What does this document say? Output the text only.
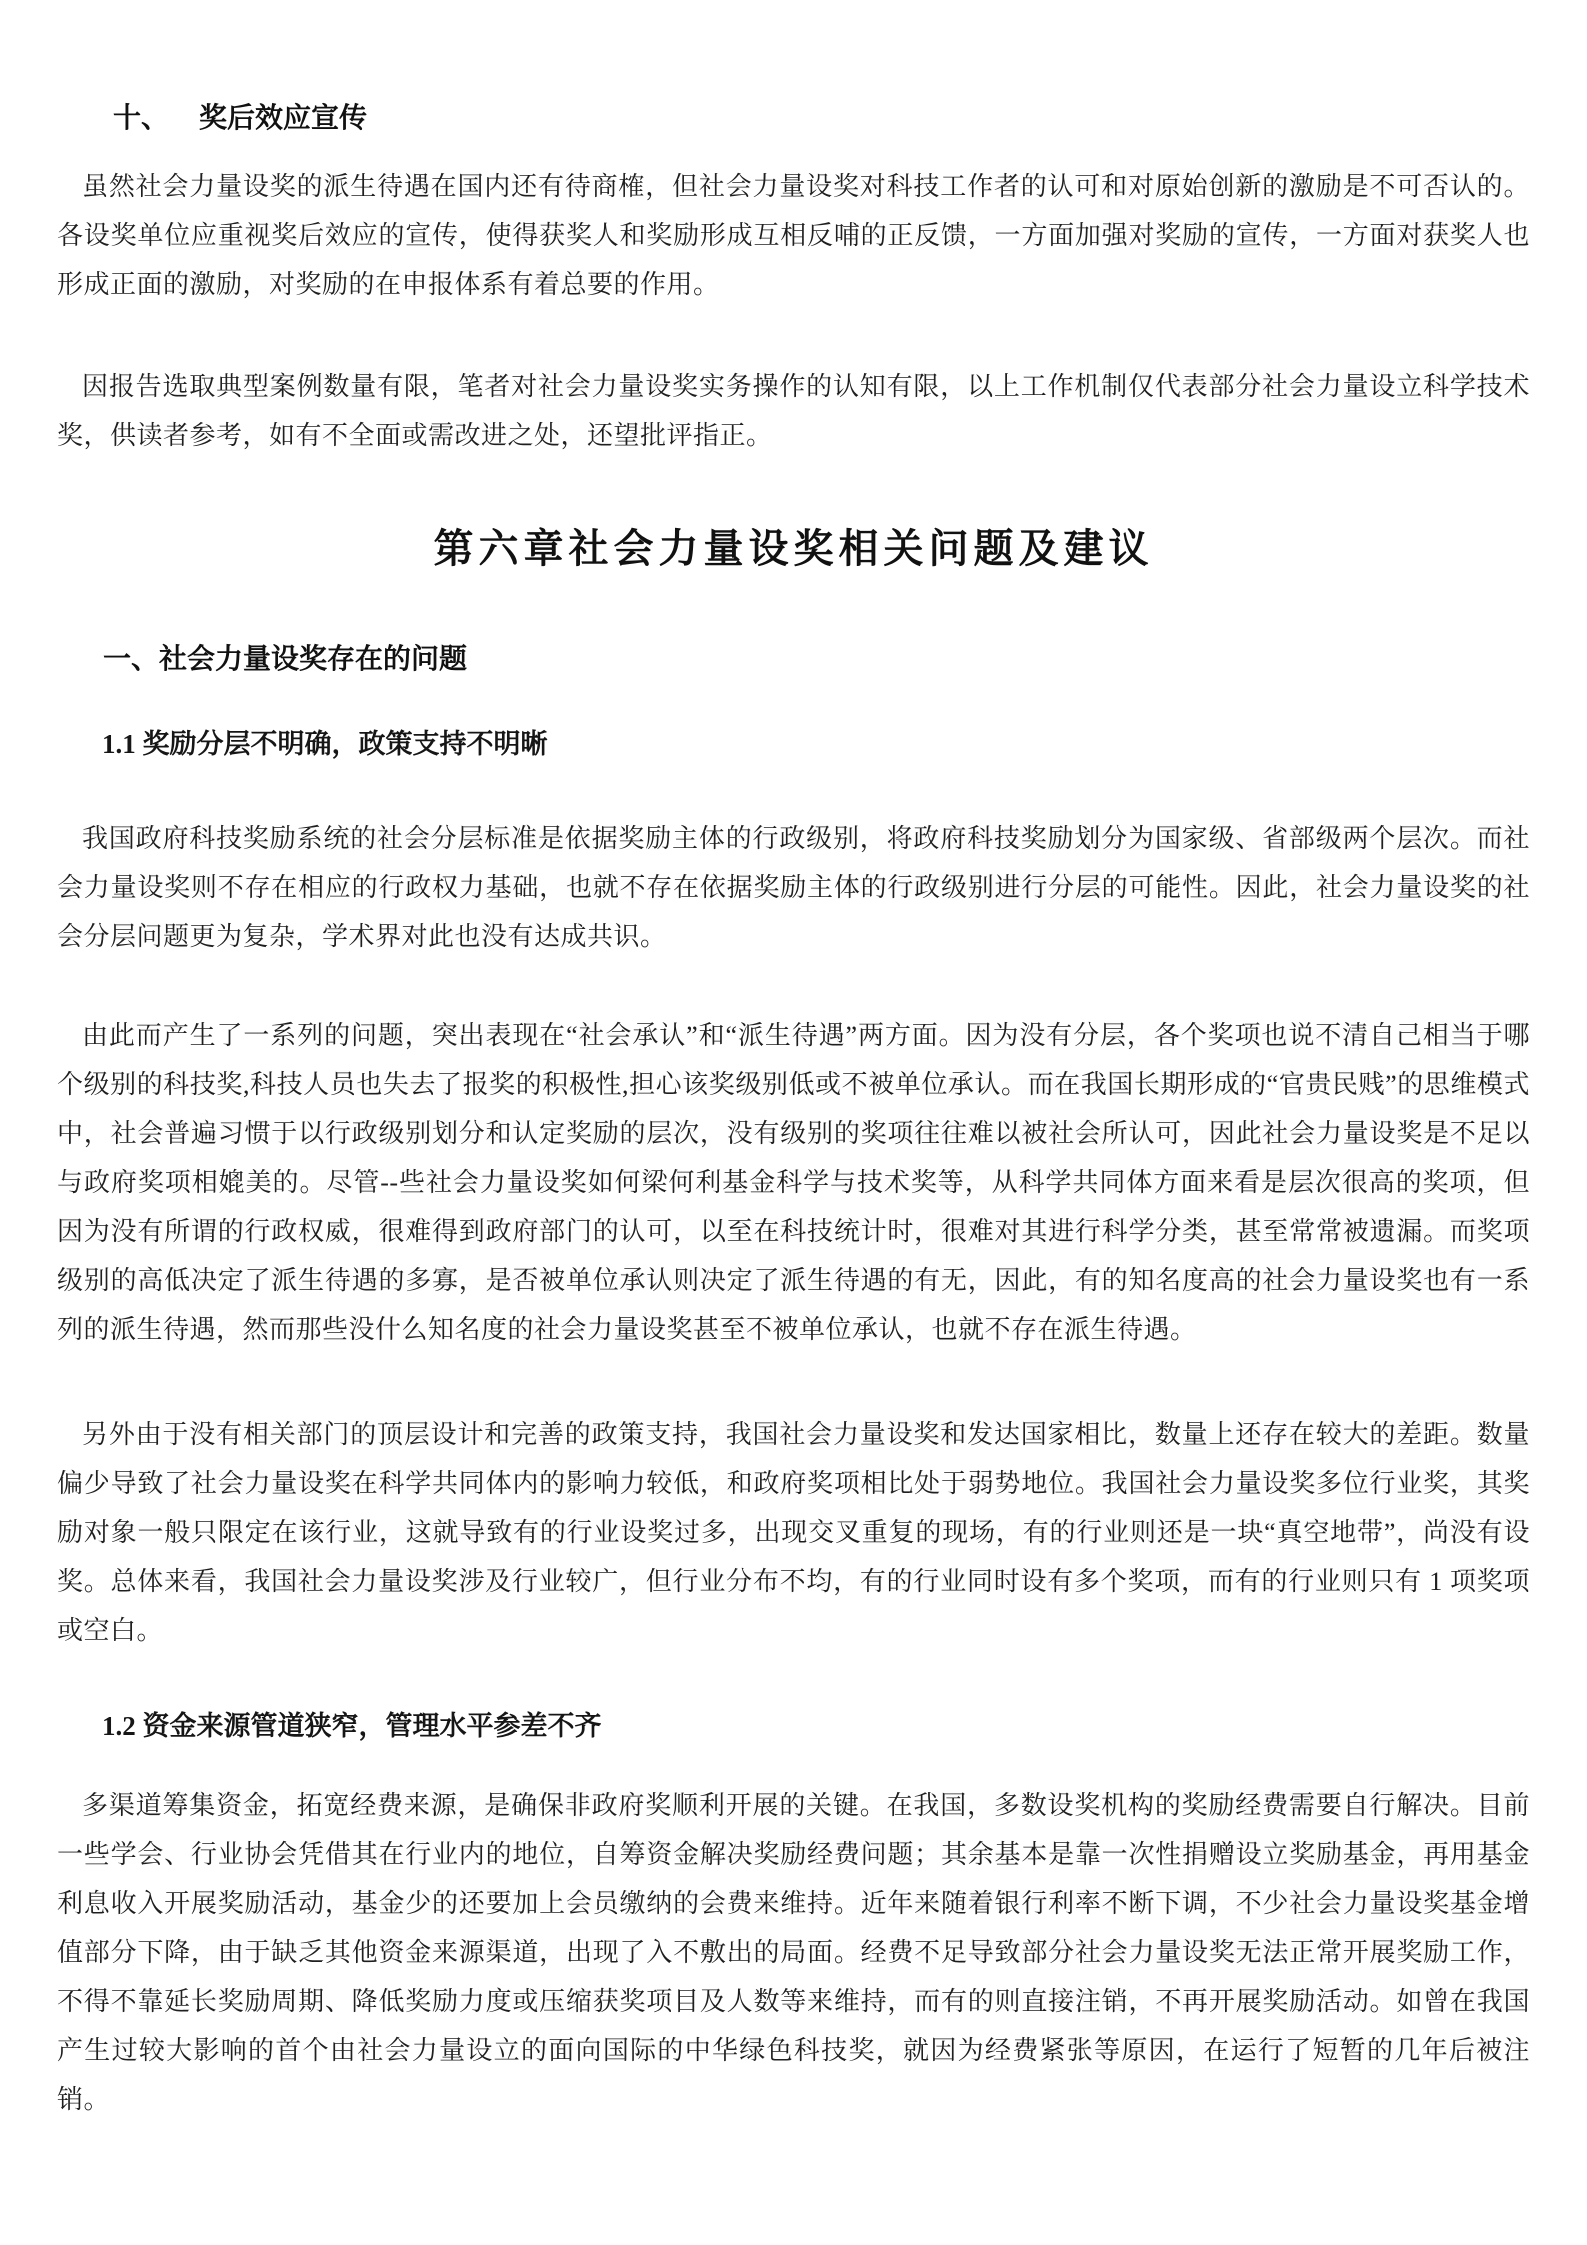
十、 奖后效应宣传

虽然社会力量设奖的派生待遇在国内还有待商榷，但社会力量设奖对科技工作者的认可和对原始创新的激励是不可否认的。各设奖单位应重视奖后效应的宣传，使得获奖人和奖励形成互相反哺的正反馈，一方面加强对奖励的宣传，一方面对获奖人也形成正面的激励，对奖励的在申报体系有着总要的作用。

因报告选取典型案例数量有限，笔者对社会力量设奖实务操作的认知有限，以上工作机制仅代表部分社会力量设立科学技术奖，供读者参考，如有不全面或需改进之处，还望批评指正。

第六章社会力量设奖相关问题及建议
一、社会力量设奖存在的问题
1.1 奖励分层不明确，政策支持不明晰

我国政府科技奖励系统的社会分层标准是依据奖励主体的行政级别，将政府科技奖励划分为国家级、省部级两个层次。而社会力量设奖则不存在相应的行政权力基础，也就不存在依据奖励主体的行政级别进行分层的可能性。因此，社会力量设奖的社会分层问题更为复杂，学术界对此也没有达成共识。

由此而产生了一系列的问题，突出表现在“社会承认”和“派生待遇”两方面。因为没有分层，各个奖项也说不清自己相当于哪个级别的科技奖,科技人员也失去了报奖的积极性,担心该奖级别低或不被单位承认。而在我国长期形成的“官贵民贱”的思维模式中，社会普遍习惯于以行政级别划分和认定奖励的层次，没有级别的奖项往往难以被社会所认可，因此社会力量设奖是不足以与政府奖项相媲美的。尽管--些社会力量设奖如何梁何利基金科学与技术奖等，从科学共同体方面来看是层次很高的奖项，但因为没有所谓的行政权威，很难得到政府部门的认可，以至在科技统计时，很难对其进行科学分类，甚至常常被遗漏。而奖项级别的高低决定了派生待遇的多寡，是否被单位承认则决定了派生待遇的有无，因此，有的知名度高的社会力量设奖也有一系列的派生待遇，然而那些没什么知名度的社会力量设奖甚至不被单位承认，也就不存在派生待遇。

另外由于没有相关部门的顶层设计和完善的政策支持，我国社会力量设奖和发达国家相比，数量上还存在较大的差距。数量偏少导致了社会力量设奖在科学共同体内的影响力较低，和政府奖项相比处于弱势地位。我国社会力量设奖多位行业奖，其奖励对象一般只限定在该行业，这就导致有的行业设奖过多，出现交叉重复的现场，有的行业则还是一块“真空地带”，尚没有设奖。总体来看，我国社会力量设奖涉及行业较广，但行业分布不均，有的行业同时设有多个奖项，而有的行业则只有 1 项奖项或空白。

1.2 资金来源管道狭窄，管理水平参差不齐

多渠道筹集资金，拓宽经费来源，是确保非政府奖顺利开展的关键。在我国，多数设奖机构的奖励经费需要自行解决。目前一些学会、行业协会凭借其在行业内的地位，自筹资金解决奖励经费问题；其余基本是靠一次性捐赠设立奖励基金，再用基金利息收入开展奖励活动，基金少的还要加上会员缴纳的会费来维持。近年来随着银行利率不断下调，不少社会力量设奖基金增值部分下降，由于缺乏其他资金来源渠道，出现了入不敷出的局面。经费不足导致部分社会力量设奖无法正常开展奖励工作，不得不靠延长奖励周期、降低奖励力度或压缩获奖项目及人数等来维持，而有的则直接注销，不再开展奖励活动。如曾在我国产生过较大影响的首个由社会力量设立的面向国际的中华绿色科技奖，就因为经费紧张等原因，在运行了短暂的几年后被注销。
